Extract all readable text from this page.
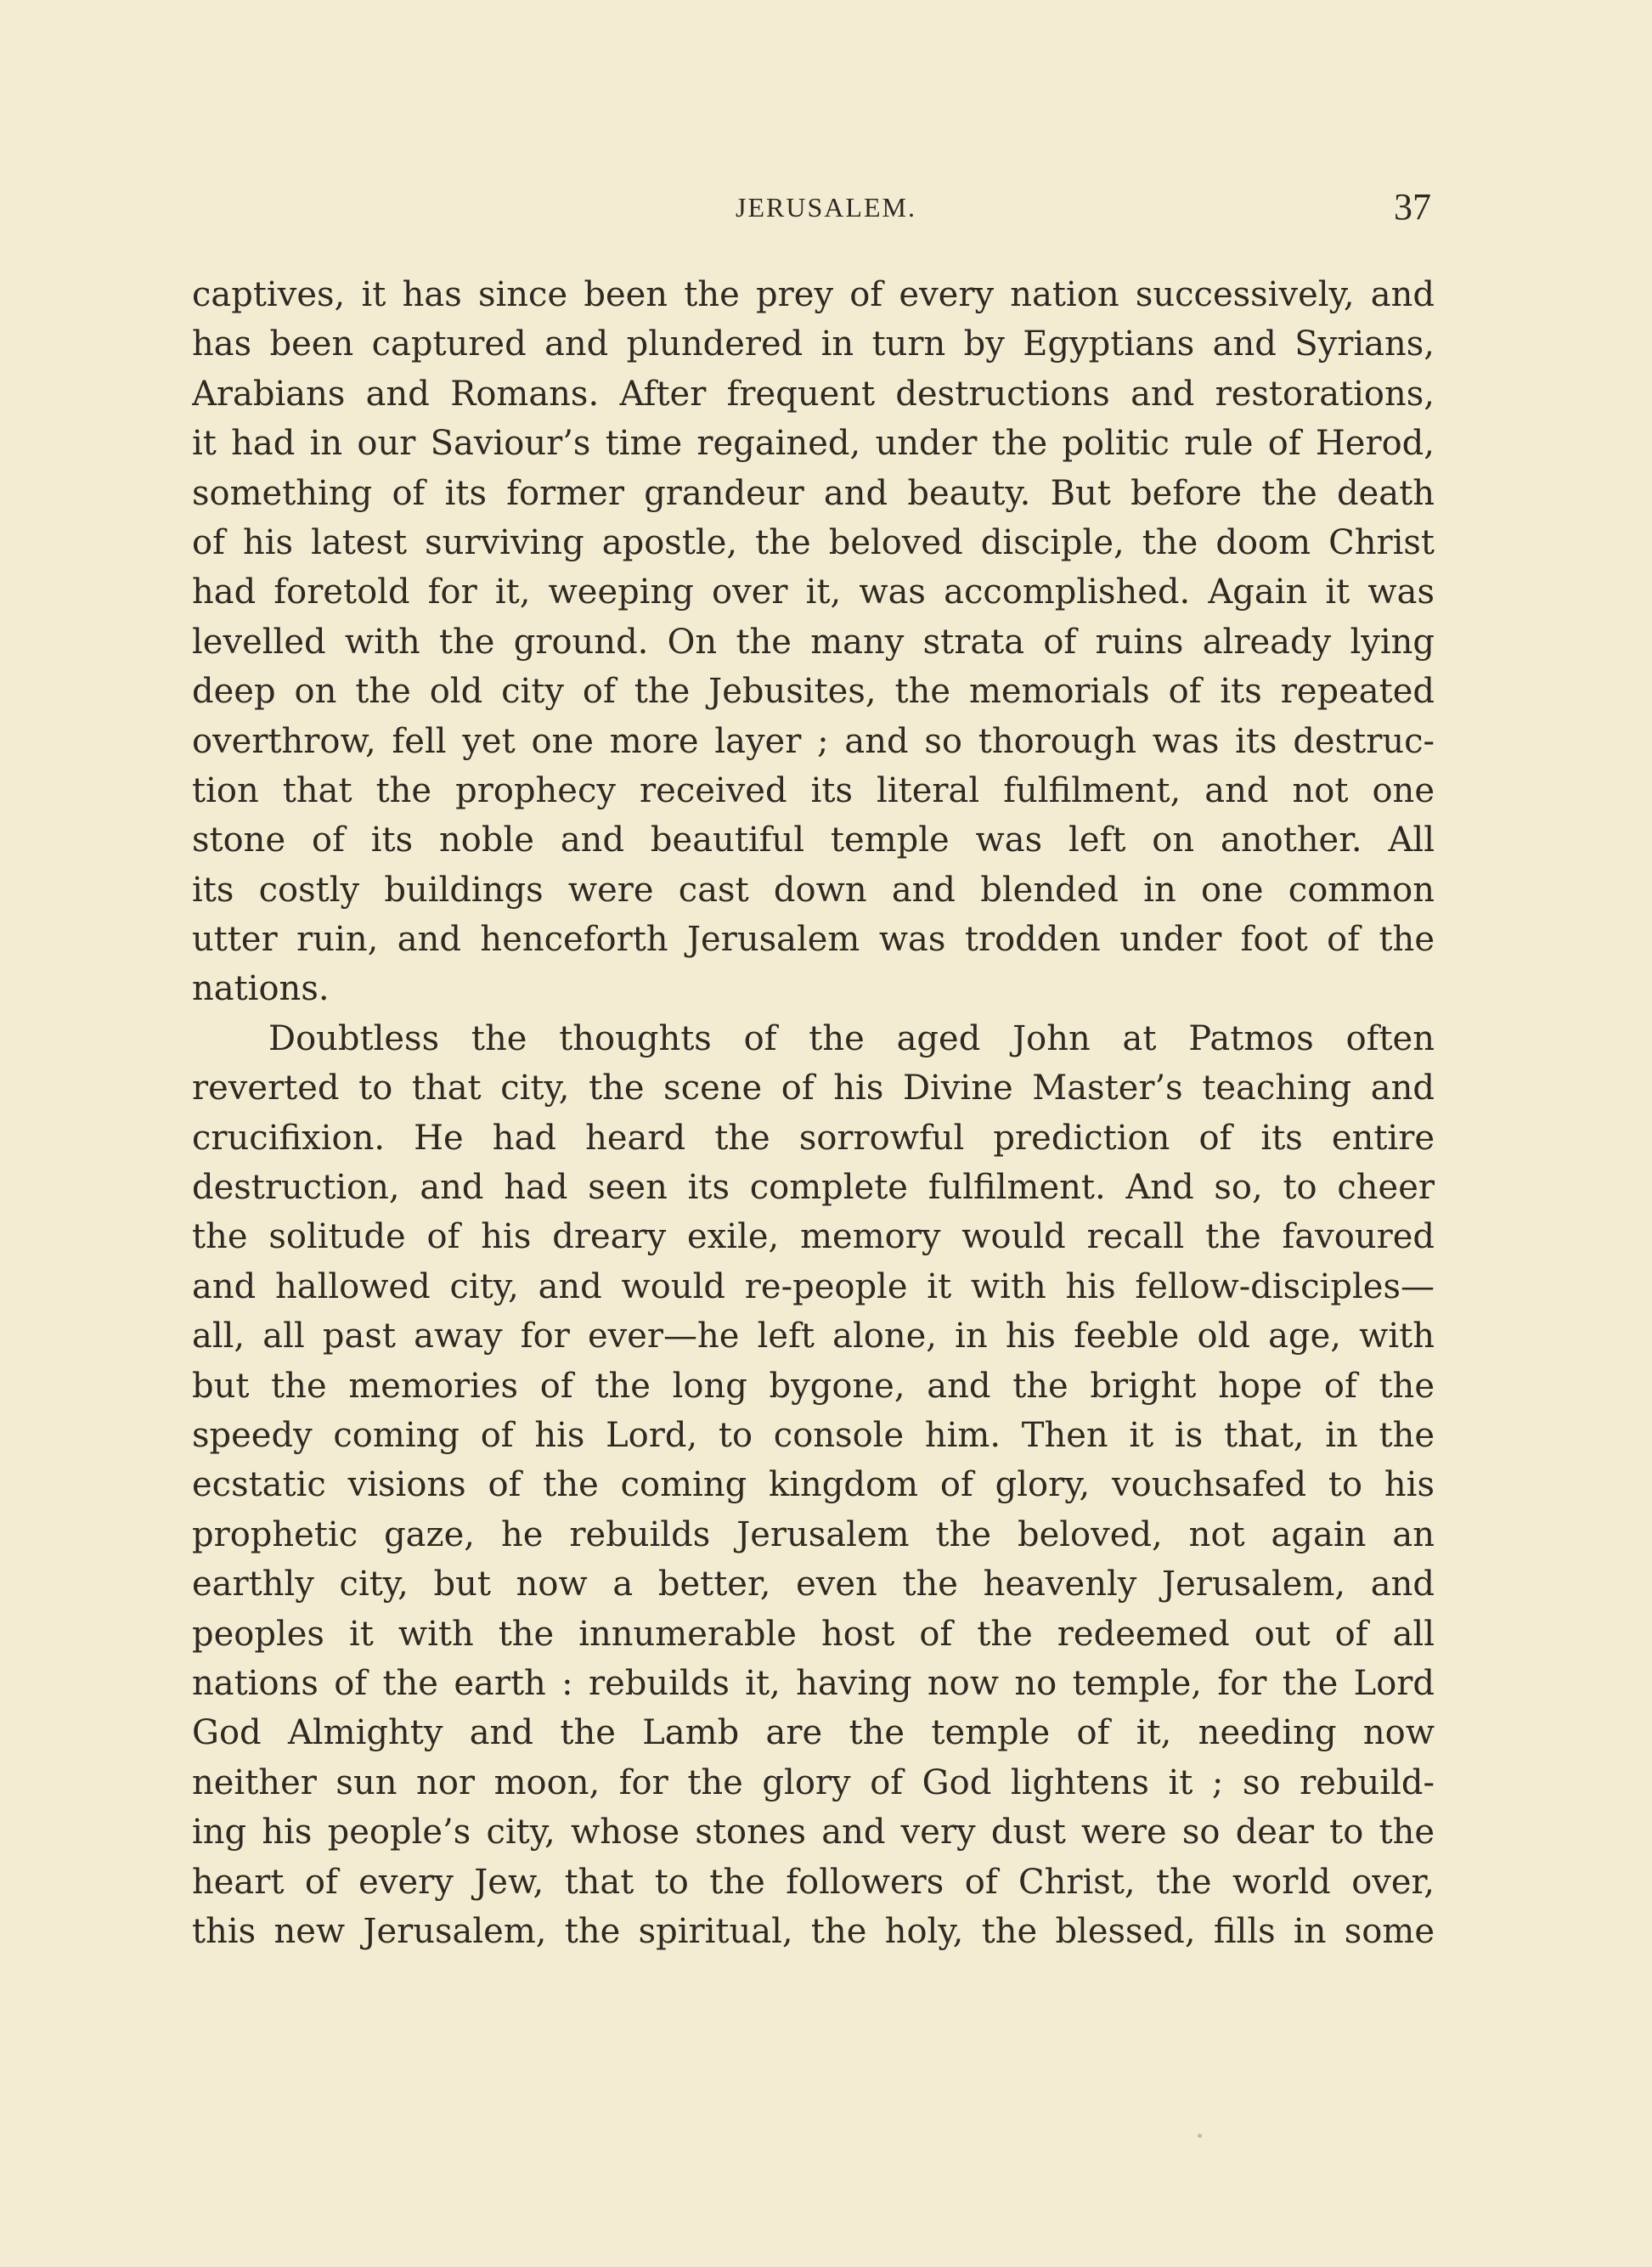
JERUSALEM.	37
captives, it has since been the prey of every nation successively, and
has been captured and plundered in turn by Egyptians and Syrians,
Arabians and Romans. After frequent destructions and restorations,
it had in our Saviour’s time regained, under the politic rule of Herod,
something of its former grandeur and beauty. But before the death
of his latest surviving apostle, the beloved disciple, the doom Christ
had foretold for it, weeping over it, was accomplished. Again it was
levelled with the ground. On the many strata of ruins already lying
deep on the old city of the Jebusites, the memorials of its repeated
overthrow, fell yet one more layer ; and so thorough was its destruc-
tion that the prophecy received its literal fulfilment, and not one
stone of its noble and beautiful temple was left on another. All
its costly buildings were cast down and blended in one common
utter ruin, and henceforth Jerusalem was trodden under foot of the
nations.
Doubtless the thoughts of the aged John at Patmos often
reverted to that city, the scene of his Divine Master’s teaching and
crucifixion. He had heard the sorrowful prediction of its entire
destruction, and had seen its complete fulfilment. And so, to cheer
the solitude of his dreary exile, memory would recall the favoured
and hallowed city, and would re-people it with his fellow-disciples—
all, all past away for ever—he left alone, in his feeble old age, with
but the memories of the long bygone, and the bright hope of the
speedy coming of his Lord, to console him. Then it is that, in the
ecstatic visions of the coming kingdom of glory, vouchsafed to his
prophetic gaze, he rebuilds Jerusalem the beloved, not again an
earthly city, but now a better, even the heavenly Jerusalem, and
peoples it with the innumerable host of the redeemed out of all
nations of the earth : rebuilds it, having now no temple, for the Lord
God Almighty and the Lamb are the temple of it, needing now
neither sun nor moon, for the glory of God lightens it ; so rebuild-
ing his people’s city, whose stones and very dust were so dear to the
heart of every Jew, that to the followers of Christ, the world over,
this new Jerusalem, the spiritual, the holy, the blessed, fills in some
